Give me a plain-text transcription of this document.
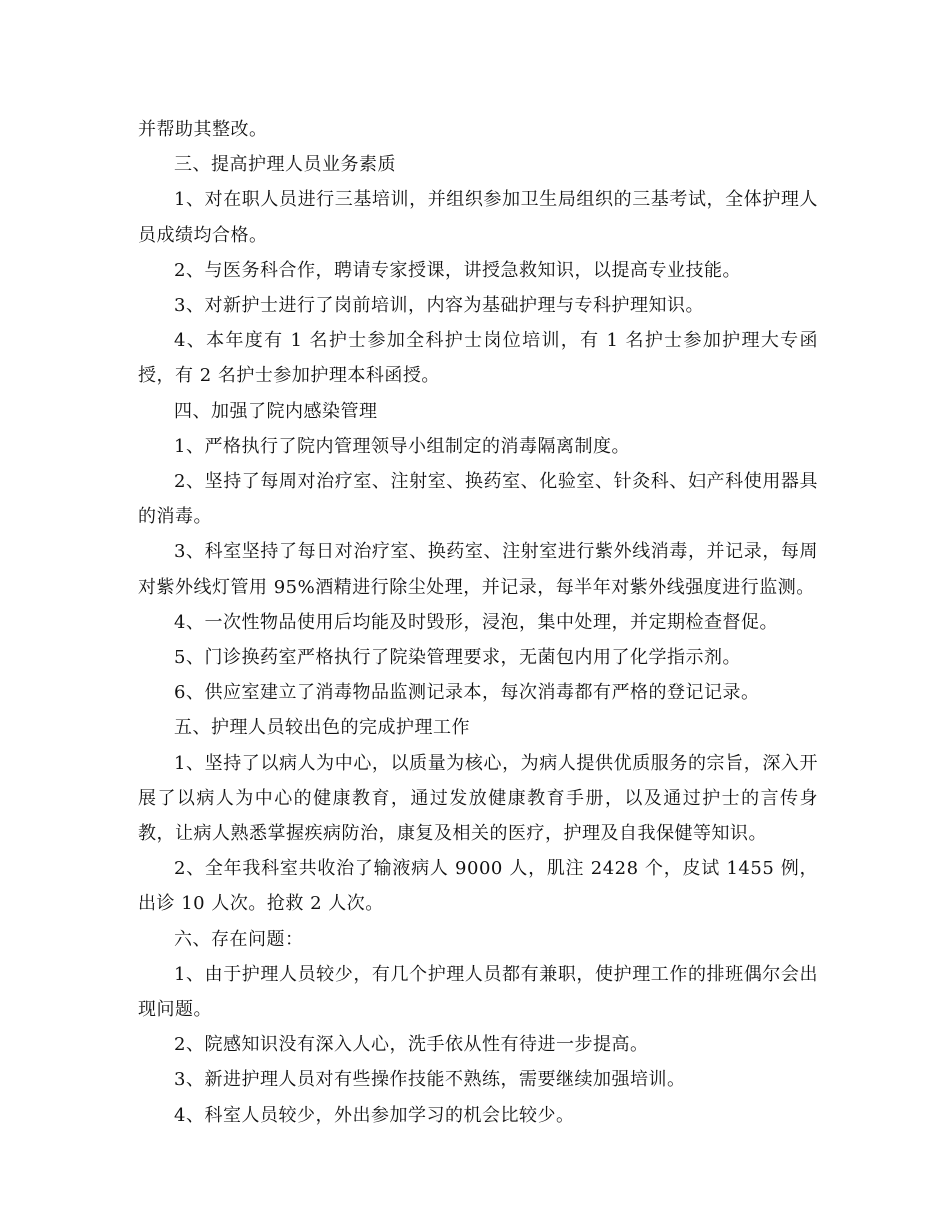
并帮助其整改。

三、提高护理人员业务素质

1、对在职人员进行三基培训，并组织参加卫生局组织的三基考试，全体护理人员成绩均合格。

2、与医务科合作，聘请专家授课，讲授急救知识，以提高专业技能。

3、对新护士进行了岗前培训，内容为基础护理与专科护理知识。

4、本年度有 1 名护士参加全科护士岗位培训，有 1 名护士参加护理大专函授，有 2 名护士参加护理本科函授。

四、加强了院内感染管理

1、严格执行了院内管理领导小组制定的消毒隔离制度。

2、坚持了每周对治疗室、注射室、换药室、化验室、针灸科、妇产科使用器具的消毒。

3、科室坚持了每日对治疗室、换药室、注射室进行紫外线消毒，并记录，每周对紫外线灯管用 95%酒精进行除尘处理，并记录，每半年对紫外线强度进行监测。

4、一次性物品使用后均能及时毁形，浸泡，集中处理，并定期检查督促。

5、门诊换药室严格执行了院染管理要求，无菌包内用了化学指示剂。

6、供应室建立了消毒物品监测记录本，每次消毒都有严格的登记记录。

五、护理人员较出色的完成护理工作

1、坚持了以病人为中心，以质量为核心，为病人提供优质服务的宗旨，深入开展了以病人为中心的健康教育，通过发放健康教育手册，以及通过护士的言传身教，让病人熟悉掌握疾病防治，康复及相关的医疗，护理及自我保健等知识。

2、全年我科室共收治了输液病人 9000 人，肌注 2428 个，皮试 1455 例，出诊 10 人次。抢救 2 人次。

六、存在问题：

1、由于护理人员较少，有几个护理人员都有兼职，使护理工作的排班偶尔会出现问题。

2、院感知识没有深入人心，洗手依从性有待进一步提高。

3、新进护理人员对有些操作技能不熟练，需要继续加强培训。

4、科室人员较少，外出参加学习的机会比较少。
